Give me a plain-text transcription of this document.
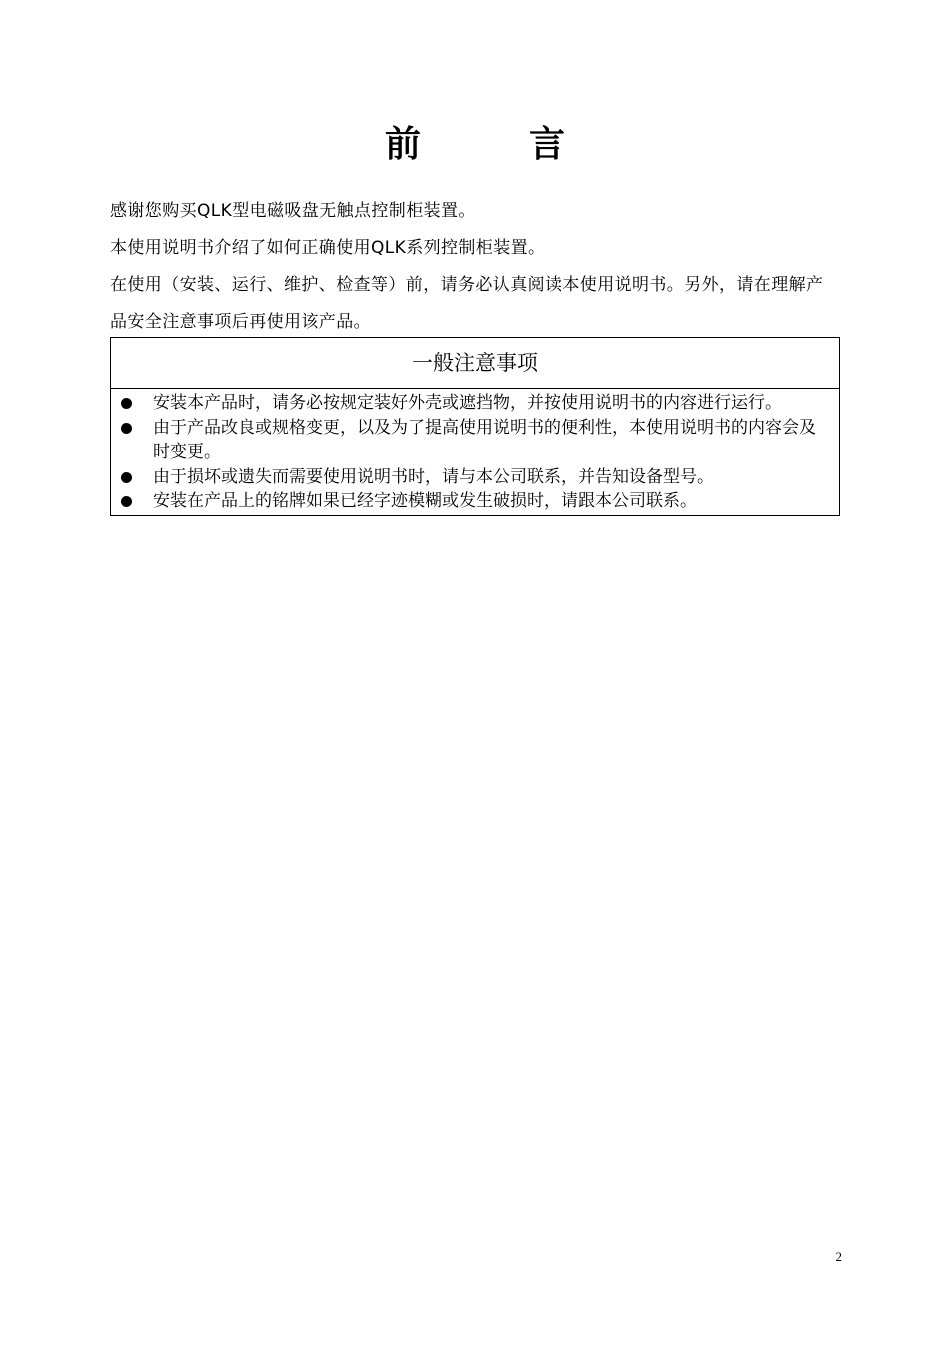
前　言

感谢您购买QLK型电磁吸盘无触点控制柜装置。

本使用说明书介绍了如何正确使用QLK系列控制柜装置。

在使用（安装、运行、维护、检查等）前，请务必认真阅读本使用说明书。另外，请在理解产品安全注意事项后再使用该产品。

一般注意事项
安装本产品时，请务必按规定装好外壳或遮挡物，并按使用说明书的内容进行运行。
由于产品改良或规格变更，以及为了提高使用说明书的便利性，本使用说明书的内容会及时变更。
由于损坏或遗失而需要使用说明书时，请与本公司联系，并告知设备型号。
安装在产品上的铭牌如果已经字迹模糊或发生破损时，请跟本公司联系。
2
